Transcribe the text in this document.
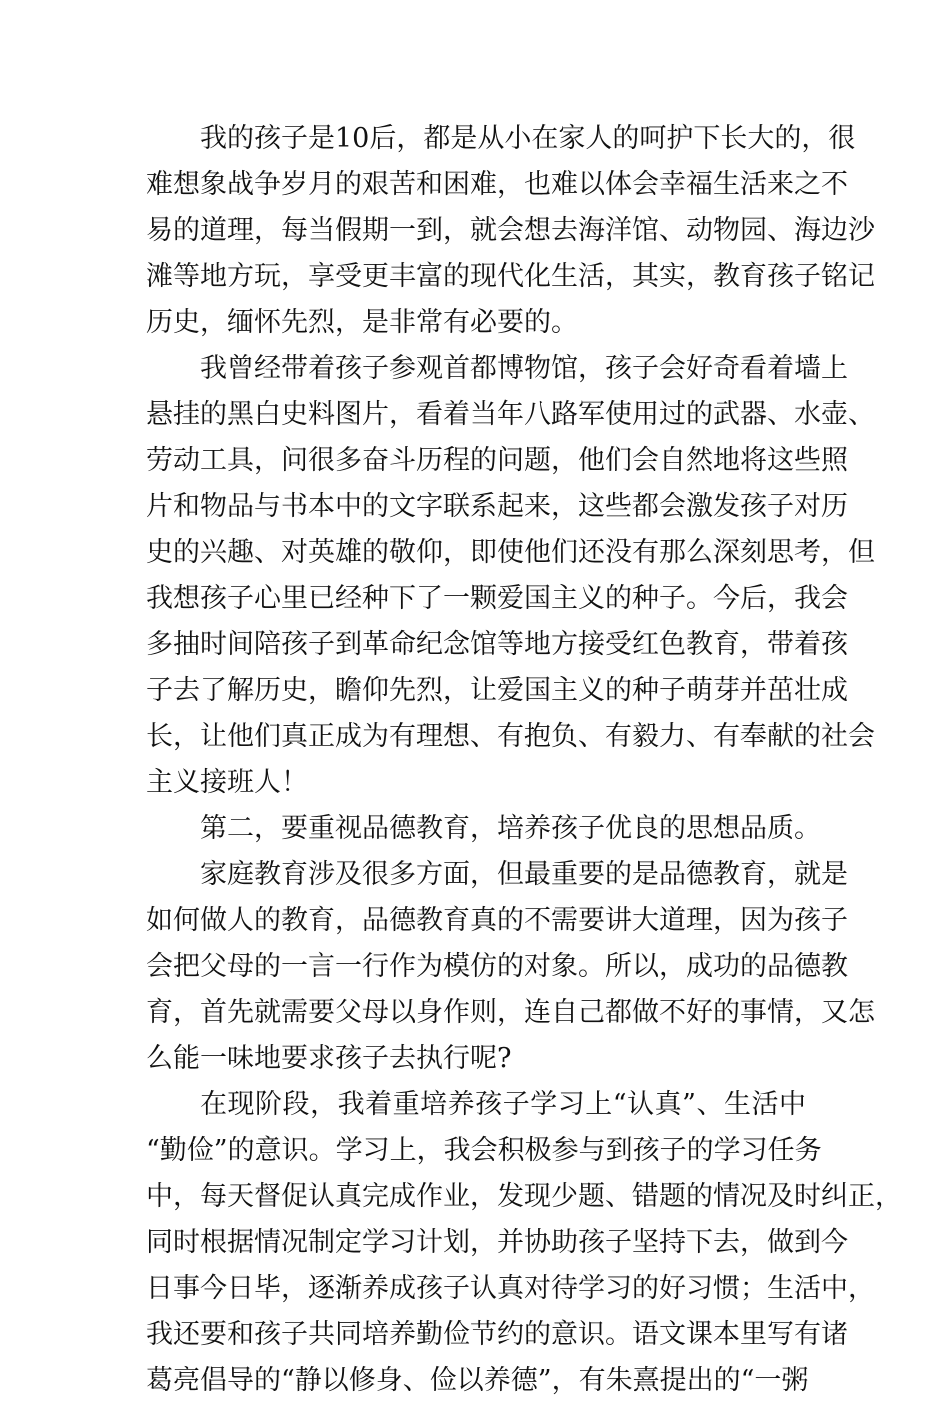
我的孩子是10后，都是从小在家人的呵护下长大的，很
难想象战争岁月的艰苦和困难，也难以体会幸福生活来之不
易的道理，每当假期一到，就会想去海洋馆、动物园、海边沙
滩等地方玩，享受更丰富的现代化生活，其实，教育孩子铭记
历史，缅怀先烈，是非常有必要的。
我曾经带着孩子参观首都博物馆，孩子会好奇看着墙上
悬挂的黑白史料图片，看着当年八路军使用过的武器、水壶、
劳动工具，问很多奋斗历程的问题，他们会自然地将这些照
片和物品与书本中的文字联系起来，这些都会激发孩子对历
史的兴趣、对英雄的敬仰，即使他们还没有那么深刻思考，但
我想孩子心里已经种下了一颗爱国主义的种子。今后，我会
多抽时间陪孩子到革命纪念馆等地方接受红色教育，带着孩
子去了解历史，瞻仰先烈，让爱国主义的种子萌芽并茁壮成
长，让他们真正成为有理想、有抱负、有毅力、有奉献的社会
主义接班人！
第二，要重视品德教育，培养孩子优良的思想品质。
家庭教育涉及很多方面，但最重要的是品德教育，就是
如何做人的教育，品德教育真的不需要讲大道理，因为孩子
会把父母的一言一行作为模仿的对象。所以，成功的品德教
育，首先就需要父母以身作则，连自己都做不好的事情，又怎
么能一味地要求孩子去执行呢?
在现阶段，我着重培养孩子学习上“认真”、生活中
“勤俭”的意识。学习上，我会积极参与到孩子的学习任务
中，每天督促认真完成作业，发现少题、错题的情况及时纠正，
同时根据情况制定学习计划，并协助孩子坚持下去，做到今
日事今日毕，逐渐养成孩子认真对待学习的好习惯；生活中，
我还要和孩子共同培养勤俭节约的意识。语文课本里写有诸
葛亮倡导的“静以修身、俭以养德”，有朱熹提出的“一粥
